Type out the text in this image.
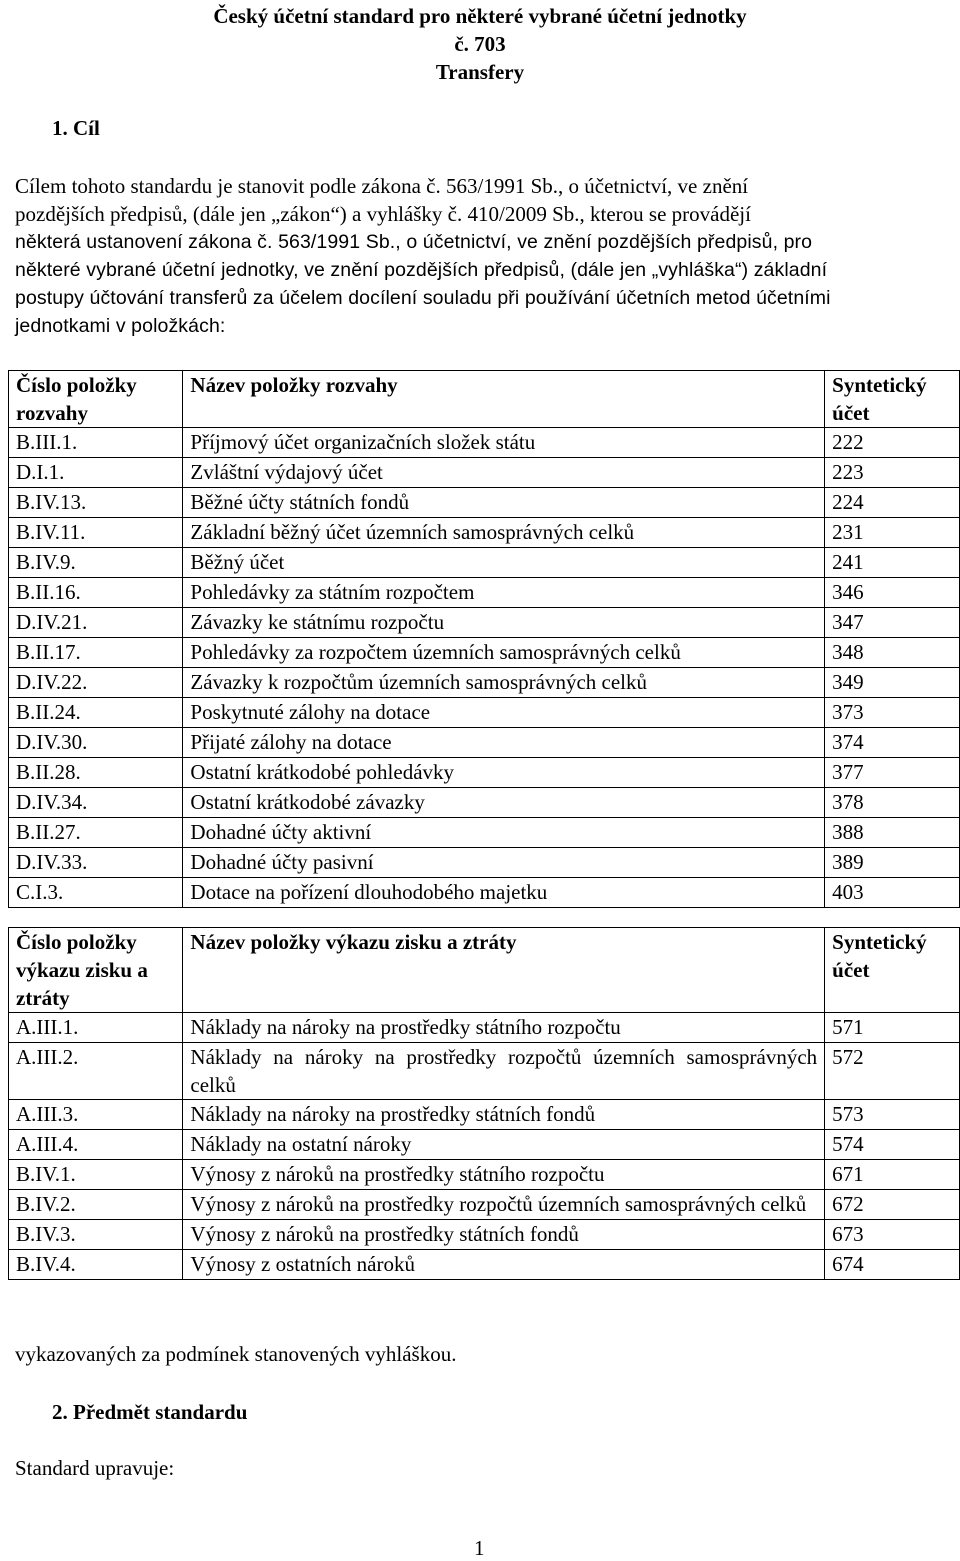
Český účetní standard pro některé vybrané účetní jednotky
č. 703
Transfery
1. Cíl
Cílem tohoto standardu je stanovit podle zákona č. 563/1991 Sb., o účetnictví, ve znění
pozdějších předpisů, (dále jen „zákon“) a vyhlášky č. 410/2009 Sb., kterou se provádějí
některá ustanovení zákona č. 563/1991 Sb., o účetnictví, ve znění pozdějších předpisů, pro
některé vybrané účetní jednotky, ve znění pozdějších předpisů, (dále jen „vyhláška“) základní
postupy účtování transferů za účelem docílení souladu při používání účetních metod účetními
jednotkami v položkách:
Číslo položky rozvahy	Název položky rozvahy	Syntetický účet
B.III.1.	Příjmový účet organizačních složek státu	222
D.I.1.	Zvláštní výdajový účet	223
B.IV.13.	Běžné účty státních fondů	224
B.IV.11.	Základní běžný účet územních samosprávných celků	231
B.IV.9.	Běžný účet	241
B.II.16.	Pohledávky za státním rozpočtem	346
D.IV.21.	Závazky ke státnímu rozpočtu	347
B.II.17.	Pohledávky za rozpočtem územních samosprávných celků	348
D.IV.22.	Závazky k rozpočtům územních samosprávných celků	349
B.II.24.	Poskytnuté zálohy na dotace	373
D.IV.30.	Přijaté zálohy na dotace	374
B.II.28.	Ostatní krátkodobé pohledávky	377
D.IV.34.	Ostatní krátkodobé závazky	378
B.II.27.	Dohadné účty aktivní	388
D.IV.33.	Dohadné účty pasivní	389
C.I.3.	Dotace na pořízení dlouhodobého majetku	403
Číslo položky výkazu zisku a ztráty	Název položky výkazu zisku a ztráty	Syntetický účet
A.III.1.	Náklady na nároky na prostředky státního rozpočtu	571
A.III.2.	Náklady na nároky na prostředky rozpočtů územních samosprávných celků	572
A.III.3.	Náklady na nároky na prostředky státních fondů	573
A.III.4.	Náklady na ostatní nároky	574
B.IV.1.	Výnosy z nároků na prostředky státního rozpočtu	671
B.IV.2.	Výnosy z nároků na prostředky rozpočtů územních samosprávných celků	672
B.IV.3.	Výnosy z nároků na prostředky státních fondů	673
B.IV.4.	Výnosy z ostatních nároků	674
vykazovaných za podmínek stanovených vyhláškou.
2. Předmět standardu
Standard upravuje:
1
